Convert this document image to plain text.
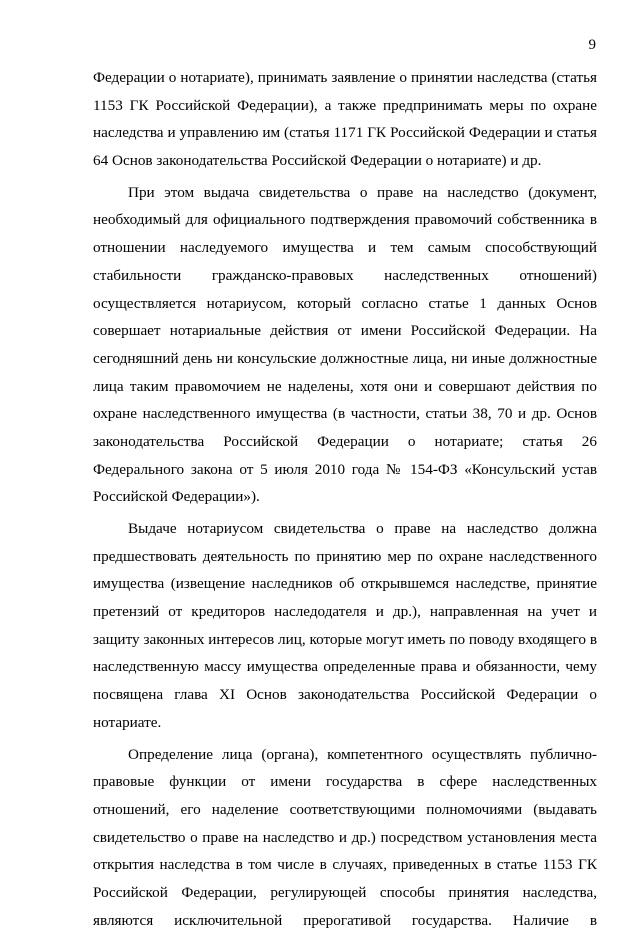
9
Федерации о нотариате), принимать заявление о принятии наследства (статья
1153 ГК Российской Федерации), а также предпринимать меры по охране
наследства и управлению им (статья 1171 ГК Российской Федерации и статья
64 Основ законодательства Российской Федерации о нотариате) и др.
При этом выдача свидетельства о праве на наследство (документ,
необходимый для официального подтверждения правомочий собственника в
отношении наследуемого имущества и тем самым способствующий
стабильности гражданско-правовых наследственных отношений)
осуществляется нотариусом, который согласно статье 1 данных Основ
совершает нотариальные действия от имени Российской Федерации. На
сегодняшний день ни консульские должностные лица, ни иные должностные
лица таким правомочием не наделены, хотя они и совершают действия по
охране наследственного имущества (в частности, статьи 38, 70 и др. Основ
законодательства Российской Федерации о нотариате; статья 26
Федерального закона от 5 июля 2010 года № 154-ФЗ «Консульский устав
Российской Федерации»).
Выдаче нотариусом свидетельства о праве на наследство должна
предшествовать деятельность по принятию мер по охране наследственного
имущества (извещение наследников об открывшемся наследстве, принятие
претензий от кредиторов наследодателя и др.), направленная на учет и
защиту законных интересов лиц, которые могут иметь по поводу входящего в
наследственную массу имущества определенные права и обязанности, чему
посвящена глава XI Основ законодательства Российской Федерации о
нотариате.
Определение лица (органа), компетентного осуществлять публично-
правовые функции от имени государства в сфере наследственных
отношений, его наделение соответствующими полномочиями (выдавать
свидетельство о праве на наследство и др.) посредством установления места
открытия наследства в том числе в случаях, приведенных в статье 1153 ГК
Российской Федерации, регулирующей способы принятия наследства,
являются исключительной прерогативой государства. Наличие в
